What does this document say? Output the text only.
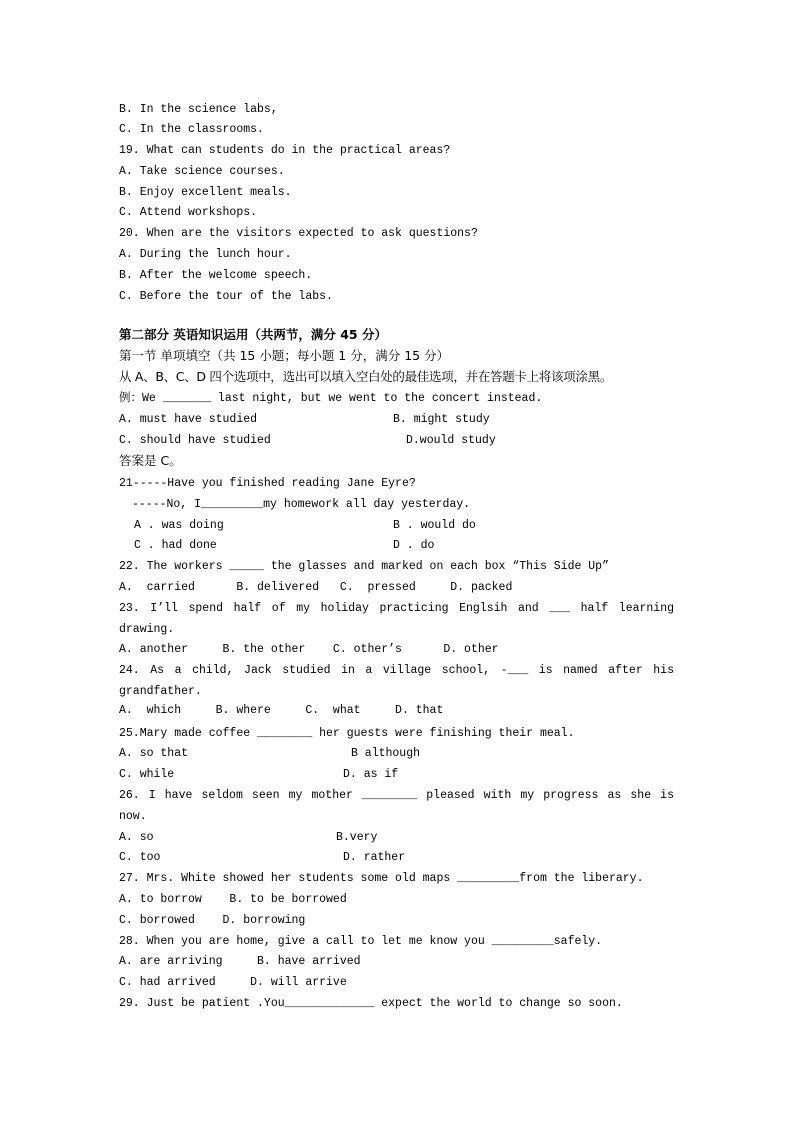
B. In the science labs,
C. In the classrooms.
19. What can students do in the practical areas?
A. Take science courses.
B. Enjoy excellent meals.
C. Attend workshops.
20. When are the visitors expected to ask questions?
A. During the lunch hour.
B. After the welcome speech.
C. Before the tour of the labs.
第二部分 英语知识运用（共两节，满分 45 分）
第一节 单项填空（共 15 小题；每小题 1 分，满分 15 分）
从 A、B、C、D 四个选项中，选出可以填入空白处的最佳选项，并在答题卡上将该项涂黑。
例：We _______ last night, but we went to the concert instead.
A. must have studied	B. might study
C. should have studied	D.would study
答案是 C。
21-----Have you finished reading Jane Eyre?
-----No, I_________my homework all day yesterday.
A . was doing	B . would do
C . had done	D . do
22. The workers _____ the glasses and marked on each box “This Side Up”
A.  carried      B. delivered   C.  pressed     D. packed
23. I’ll spend half of my holiday practicing Englsih and ___ half learning
drawing.
A. another     B. the other    C. other’s      D. other
24. As a child, Jack studied in a village school, -___ is named after his
grandfather.
A.  which     B. where     C.  what     D. that
25.Mary made coffee ________ her guests were finishing their meal.
A. so that	B although
C. while	D. as if
26. I have seldom seen my mother ________ pleased with my progress as she is
now.
A. so	B.very
C. too	D. rather
27. Mrs. White showed her students some old maps _________from the liberary.
A. to borrow    B. to be borrowed
C. borrowed    D. borrowing
28. When you are home, give a call to let me know you _________safely.
A. are arriving     B. have arrived
C. had arrived     D. will arrive
29. Just be patient .You_____________ expect the world to change so soon.
